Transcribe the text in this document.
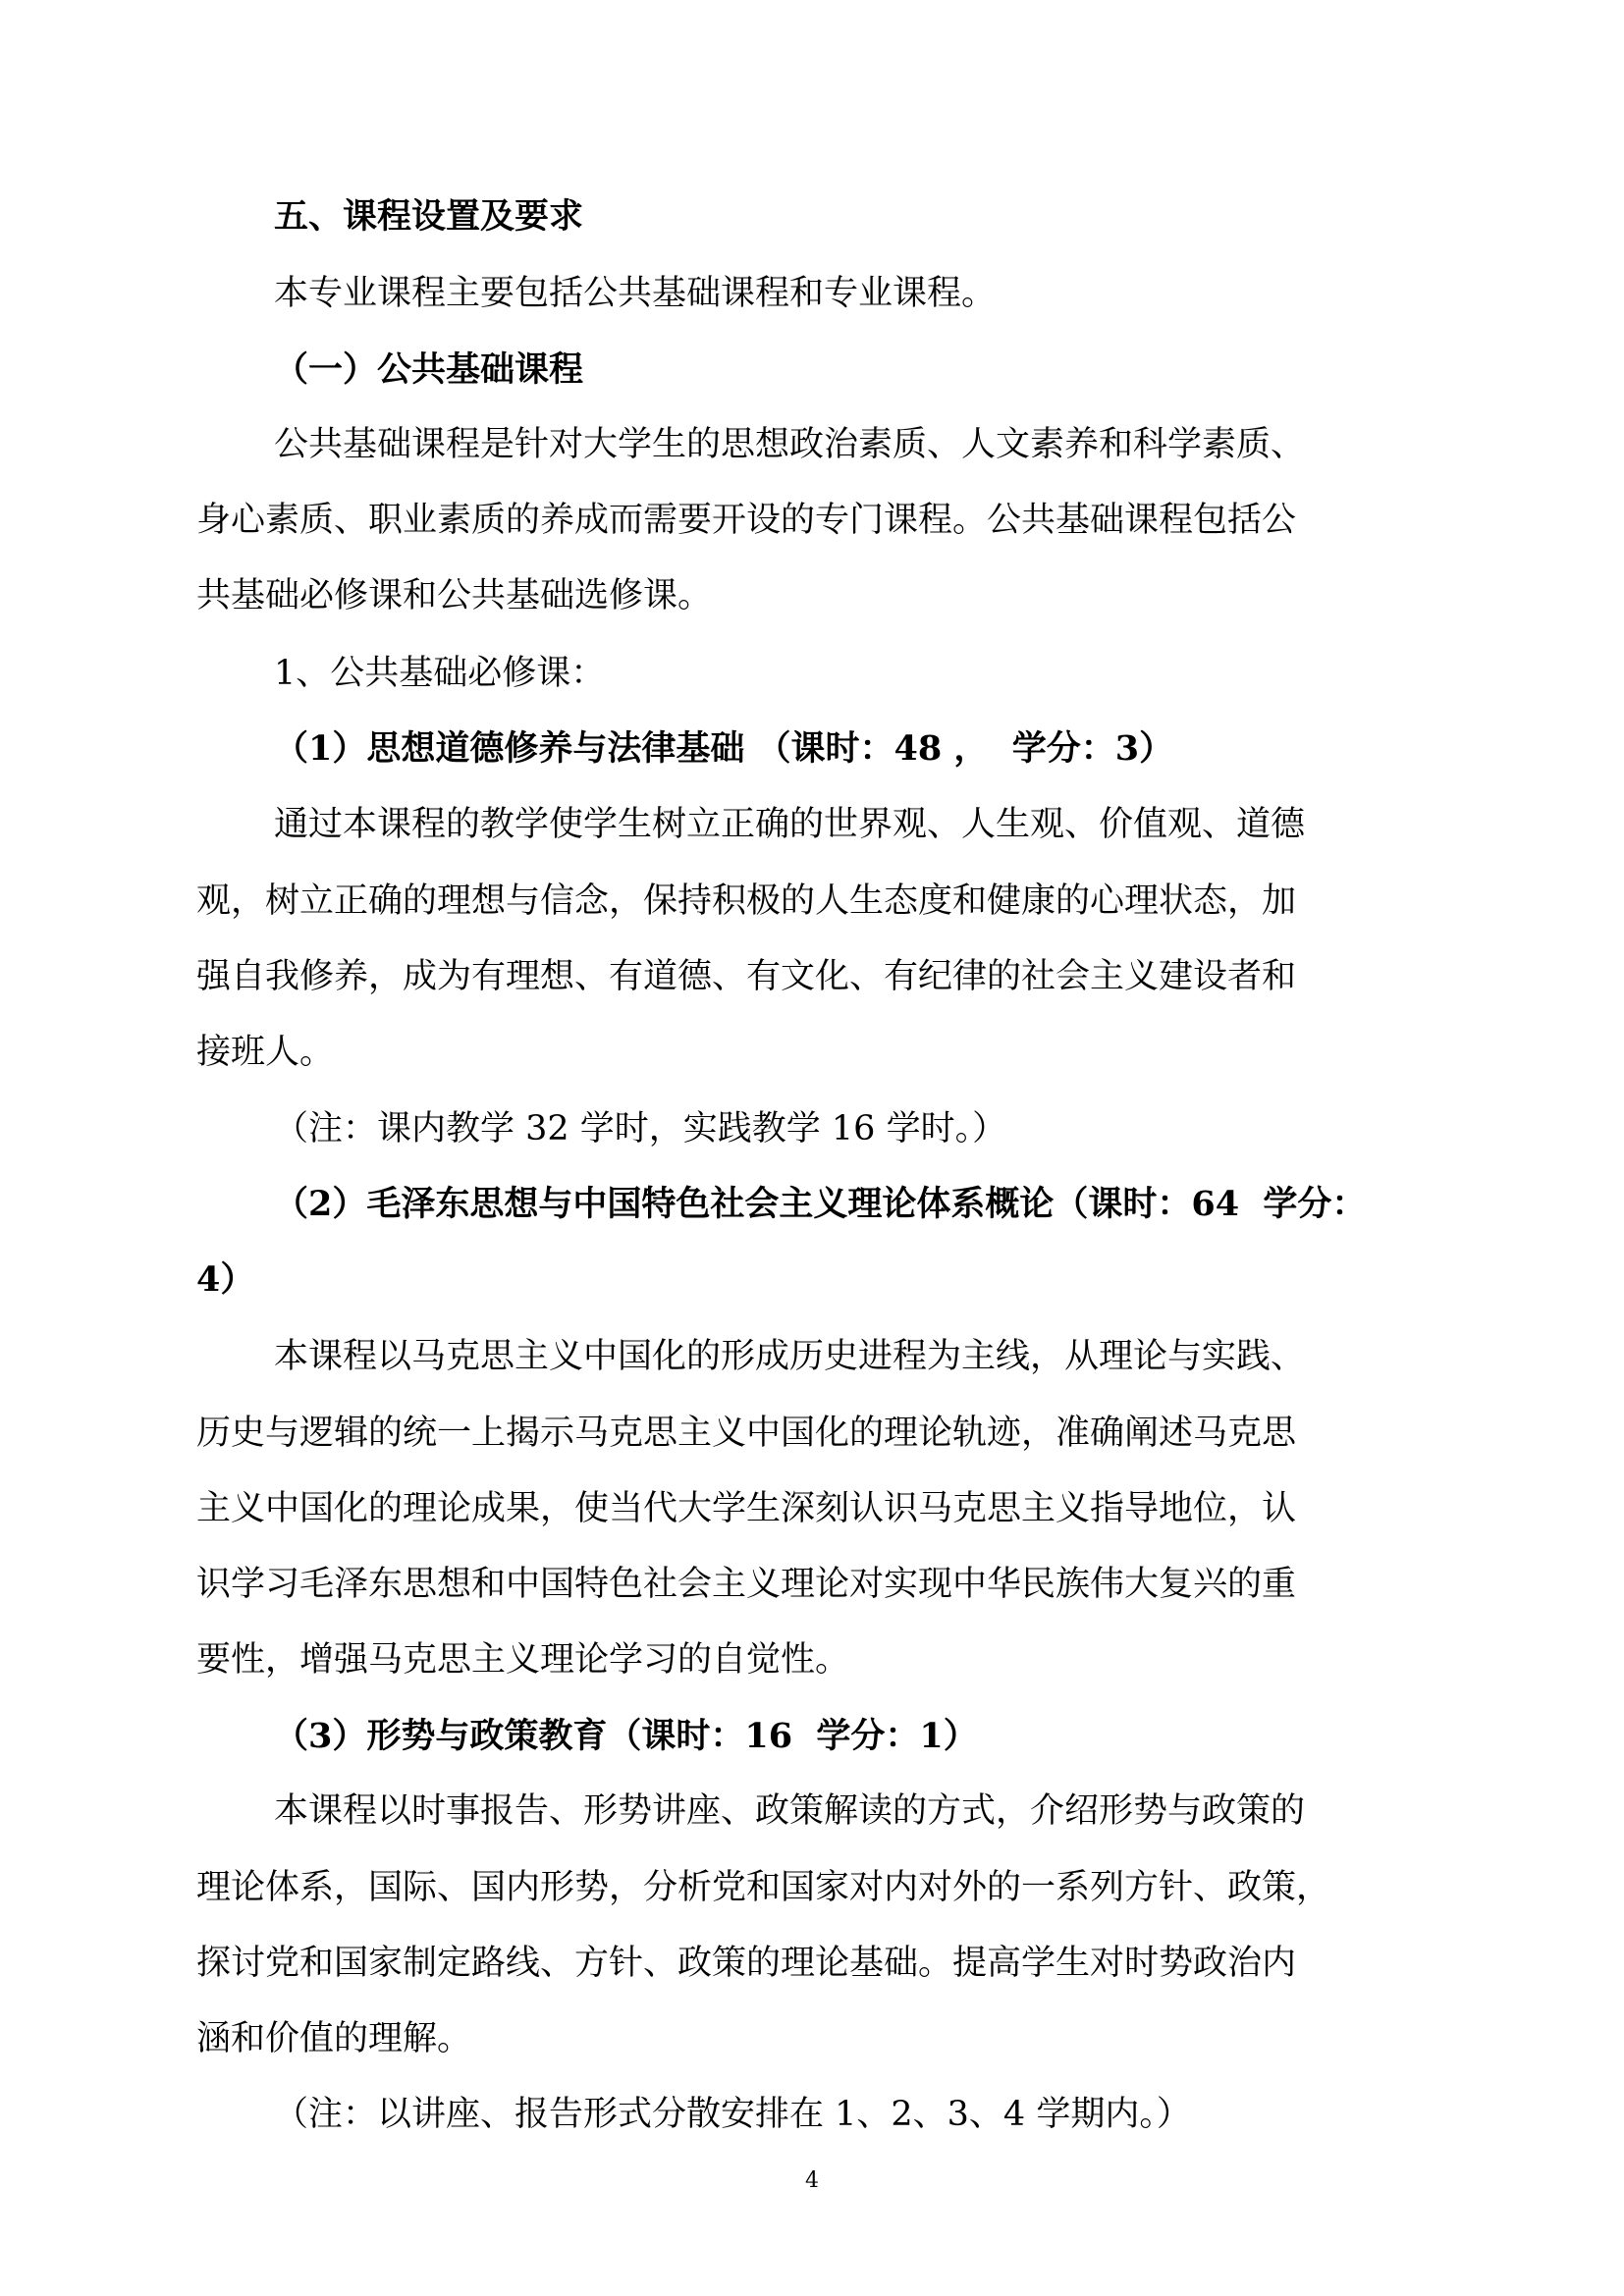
五、课程设置及要求
本专业课程主要包括公共基础课程和专业课程。
（一）公共基础课程
公共基础课程是针对大学生的思想政治素质、人文素养和科学素质、
身心素质、职业素质的养成而需要开设的专门课程。公共基础课程包括公
共基础必修课和公共基础选修课。
1、公共基础必修课：
（1）思想道德修养与法律基础 （课时：48 ，  学分：3）
通过本课程的教学使学生树立正确的世界观、人生观、价值观、道德
观，树立正确的理想与信念，保持积极的人生态度和健康的心理状态，加
强自我修养，成为有理想、有道德、有文化、有纪律的社会主义建设者和
接班人。
（注：课内教学 32 学时，实践教学 16 学时。）
（2）毛泽东思想与中国特色社会主义理论体系概论（课时：64  学分：
4）
本课程以马克思主义中国化的形成历史进程为主线，从理论与实践、
历史与逻辑的统一上揭示马克思主义中国化的理论轨迹，准确阐述马克思
主义中国化的理论成果，使当代大学生深刻认识马克思主义指导地位，认
识学习毛泽东思想和中国特色社会主义理论对实现中华民族伟大复兴的重
要性，增强马克思主义理论学习的自觉性。
（3）形势与政策教育（课时：16  学分：1）
本课程以时事报告、形势讲座、政策解读的方式，介绍形势与政策的
理论体系，国际、国内形势，分析党和国家对内对外的一系列方针、政策，
探讨党和国家制定路线、方针、政策的理论基础。提高学生对时势政治内
涵和价值的理解。
（注：以讲座、报告形式分散安排在 1、2、3、4 学期内。）
4
